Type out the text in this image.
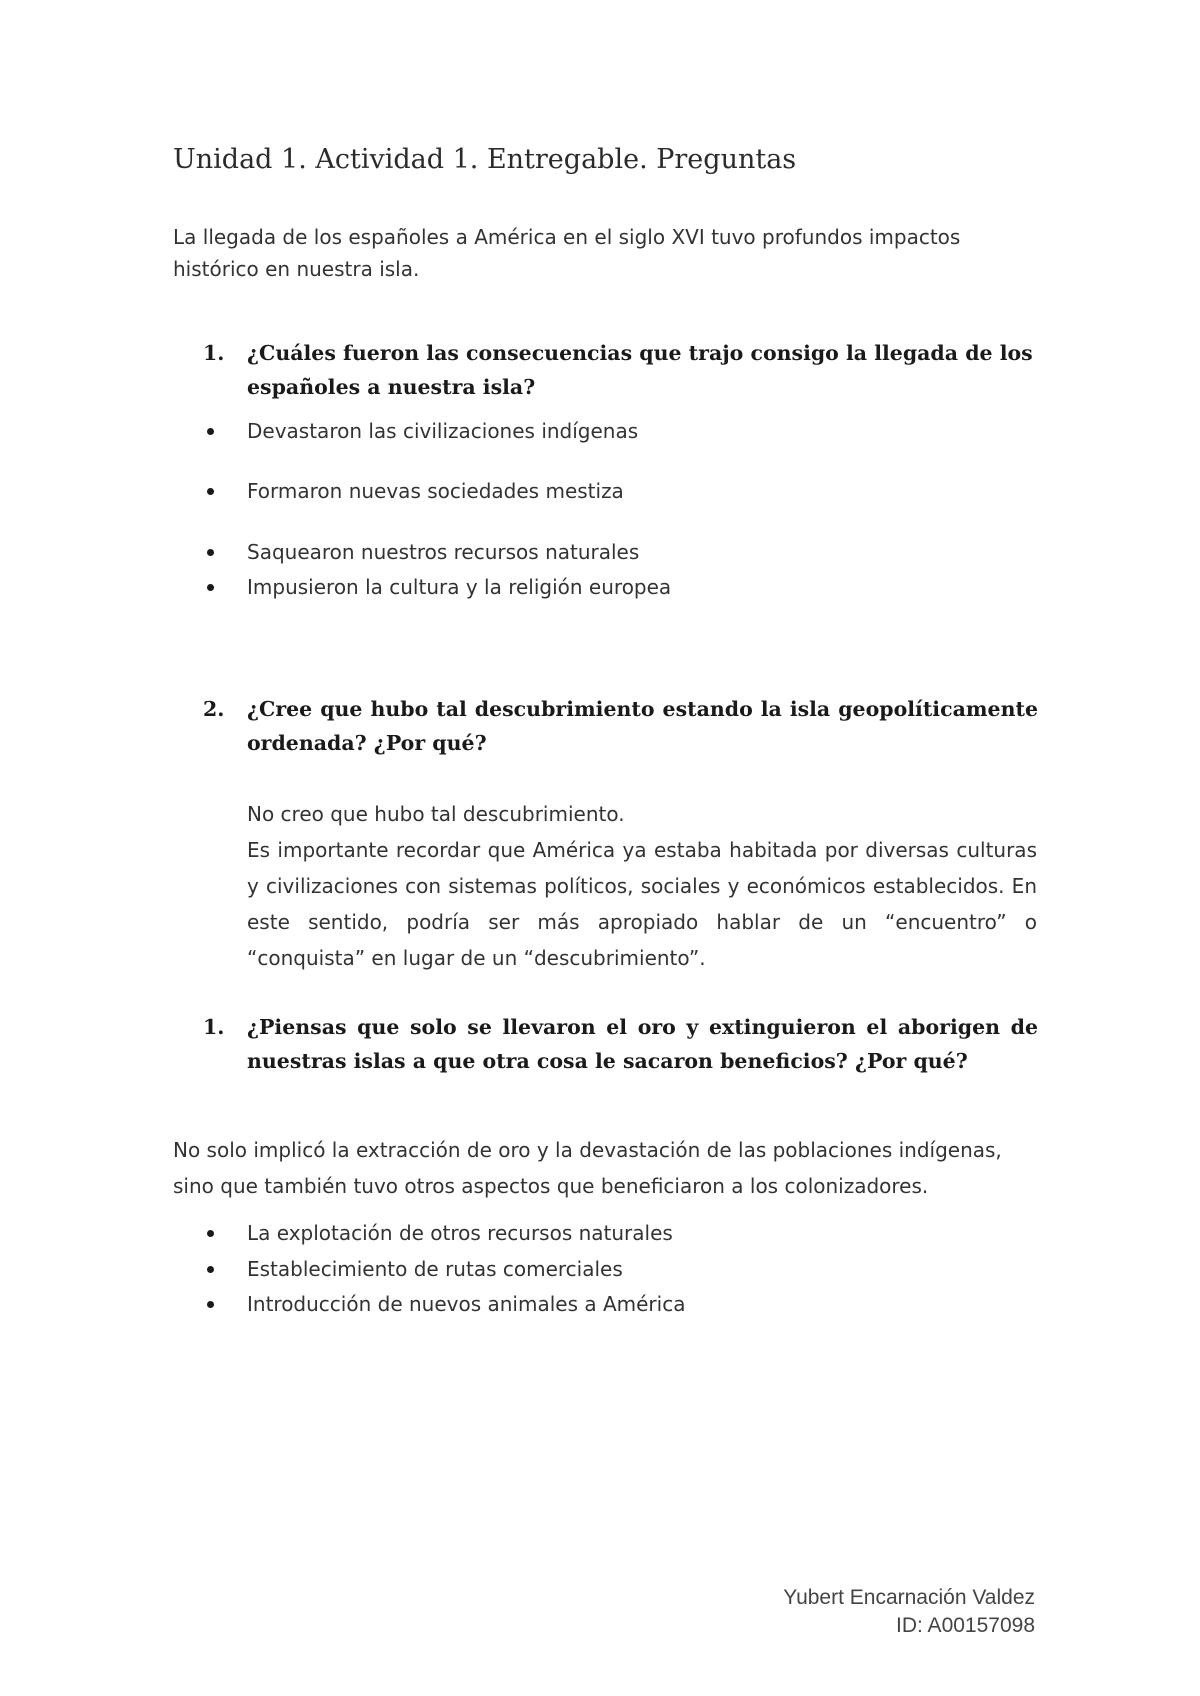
Unidad 1. Actividad 1. Entregable. Preguntas

La llegada de los españoles a América en el siglo XVI tuvo profundos impactos histórico en nuestra isla.

1.	¿Cuáles fueron las consecuencias que trajo consigo la llegada de los españoles a nuestra isla?
Devastaron las civilizaciones indígenas
Formaron nuevas sociedades mestiza
Saquearon nuestros recursos naturales
Impusieron la cultura y la religión europea
2.	¿Cree que hubo tal descubrimiento estando la isla geopolíticamente ordenada? ¿Por qué?

No creo que hubo tal descubrimiento.

Es importante recordar que América ya estaba habitada por diversas culturas y civilizaciones con sistemas políticos, sociales y económicos establecidos. En este sentido, podría ser más apropiado hablar de un “encuentro” o “conquista” en lugar de un “descubrimiento”.

1.	¿Piensas que solo se llevaron el oro y extinguieron el aborigen de nuestras islas a que otra cosa le sacaron beneficios? ¿Por qué?

No solo implicó la extracción de oro y la devastación de las poblaciones indígenas, sino que también tuvo otros aspectos que beneficiaron a los colonizadores.

La explotación de otros recursos naturales
Establecimiento de rutas comerciales
Introducción de nuevos animales a América
Yubert Encarnación Valdez
ID: A00157098
